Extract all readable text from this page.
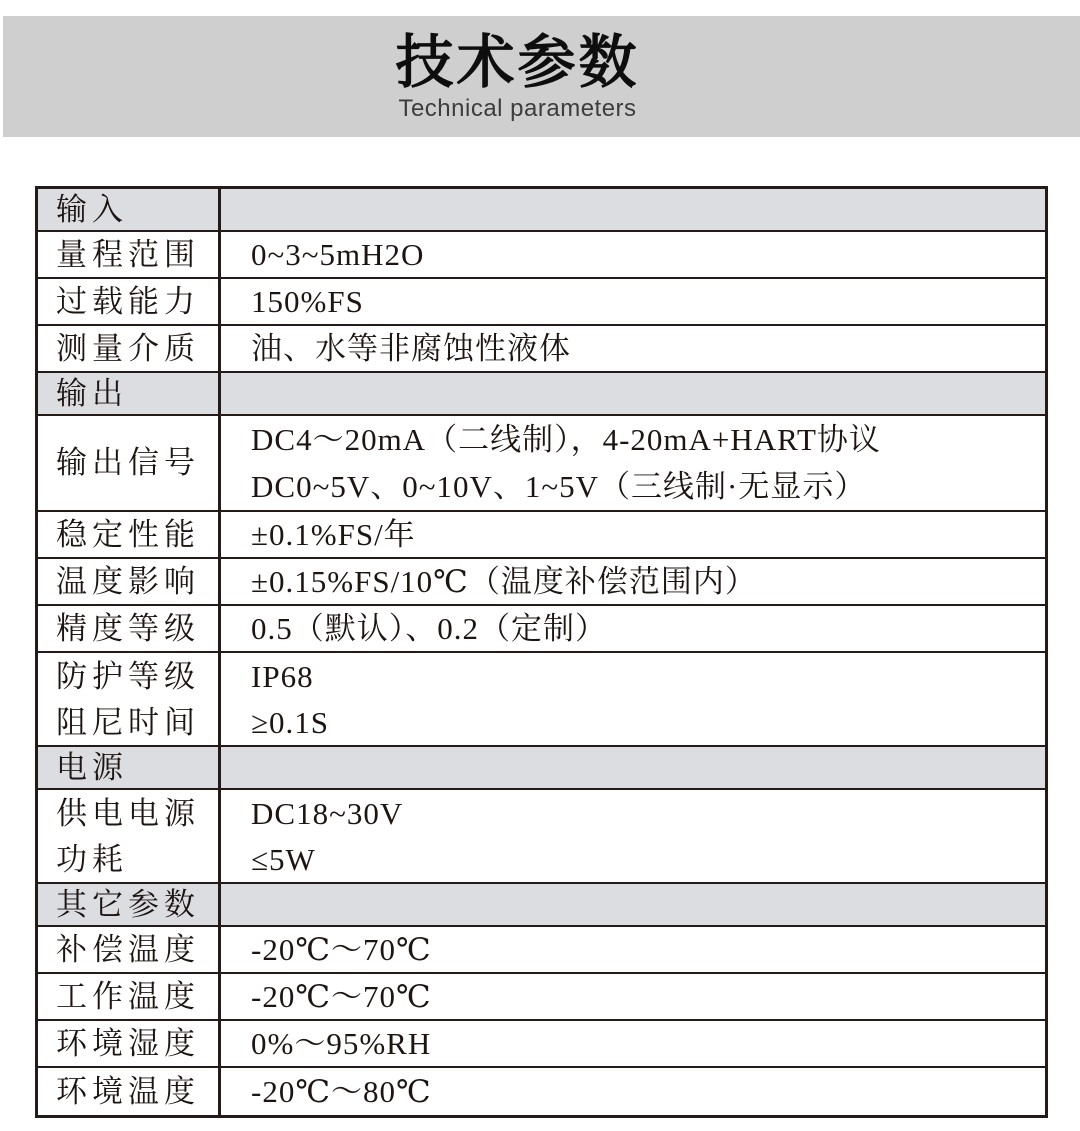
技术参数
Technical parameters
输入	
量程范围	0~3~5mH2O
过载能力	150%FS
测量介质	油、水等非腐蚀性液体
输出	
输出信号	DC4～20mA（二线制），4-20mA+HART协议
DC0~5V、0~10V、1~5V（三线制·无显示）

稳定性能	±0.1%FS/年
温度影响	±0.15%FS/10℃（温度补偿范围内）
精度等级	0.5（默认）、0.2（定制）
防护等级	IP68
阻尼时间	≥0.1S
电源	
供电电源	DC18~30V
功耗	≤5W
其它参数	
补偿温度	-20℃～70℃
工作温度	-20℃～70℃
环境湿度	0%～95%RH
环境温度	-20℃～80℃
